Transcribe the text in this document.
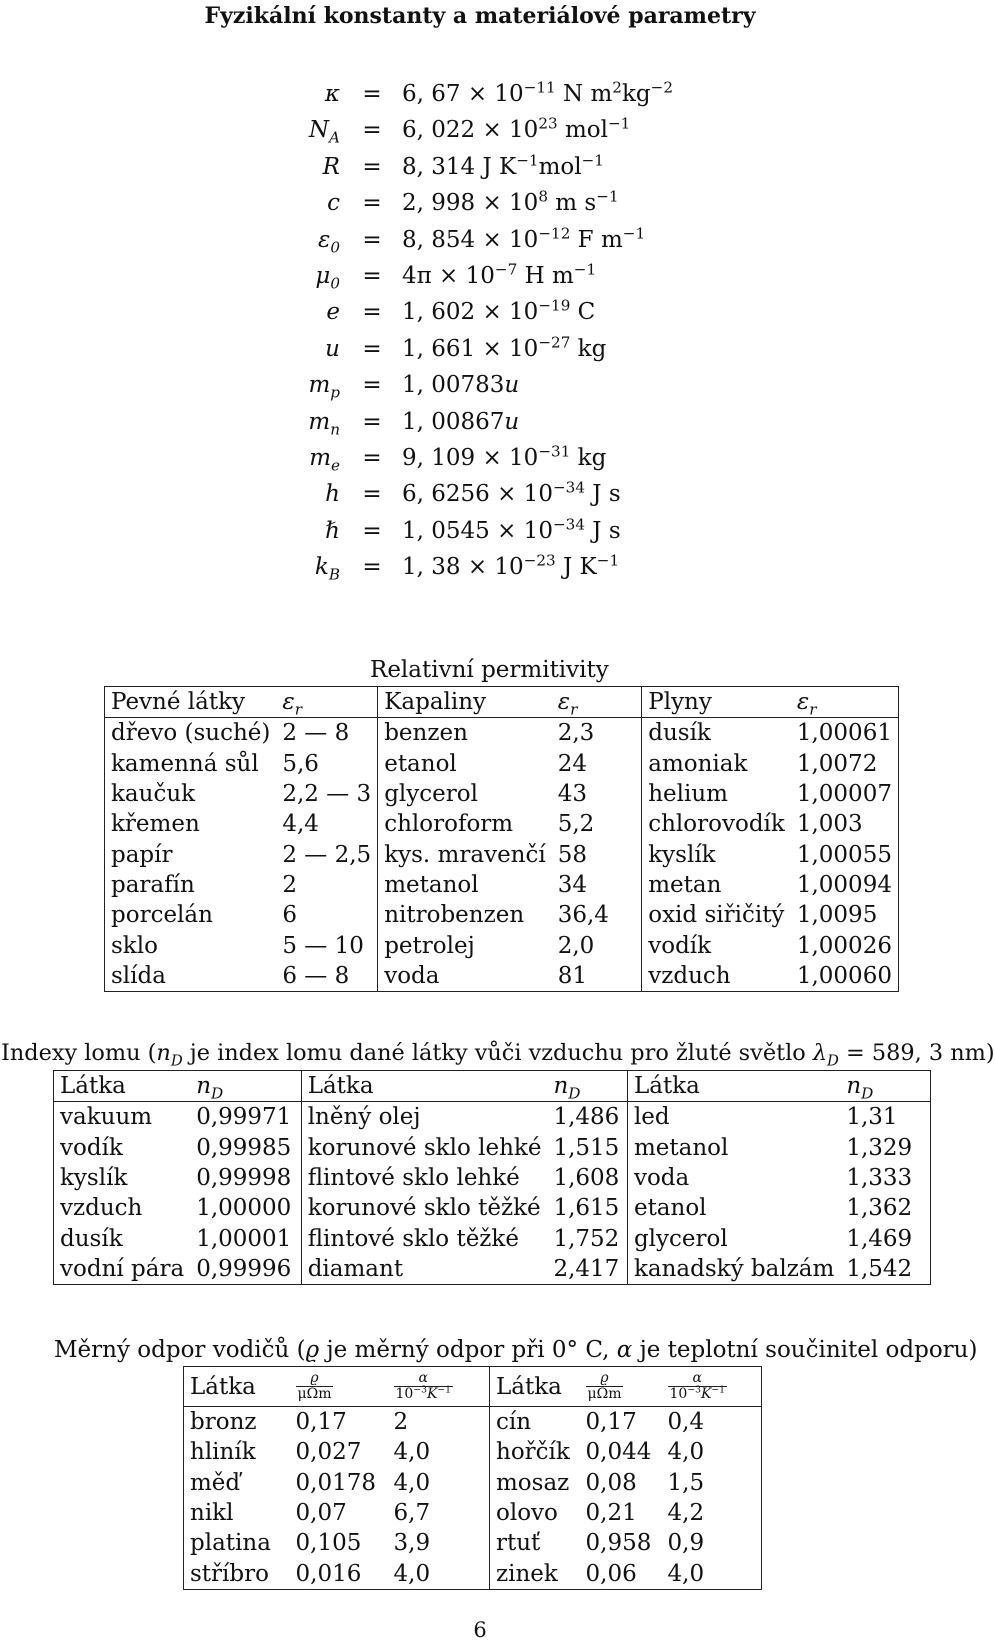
Fyzikální konstanty a materiálové parametry
κ = 6, $67 \times 10^{-11}$ N $m^2kg^{-2}$
$N_A = 6$, $022 \times 10^{23}$ mol$^{-1}$
R = 8, 314 J $K^{-1}mol^{-1}$
c = 2, $998 \times 10^8$ m $s^{-1}$
$\varepsilon_0 = 8$, $854 \times 10^{-12}$ F $m^{-1}$
$\mu_0 = 4\pi \times 10^{-7}$ H $m^{-1}$
e = 1, $602 \times 10^{-19}$ C
u = 1, $661 \times 10^{-27}$ kg
$m_p = 1$, 00783u
$m_n = 1$, 00867u
$m_e = 9$, $109 \times 10^{-31}$ kg
h = 6, $6256 \times 10^{-34}$ J s
ℏ = 1, $0545 \times 10^{-34}$ J s
$k_B = 1$, $38 \times 10^{-23}$ J $K^{-1}$
Relativní permitivity
Pevné látky	$\varepsilon_r$	Kapaliny	$\varepsilon_r$	Plyny	$\varepsilon_r$
dřevo (suché)	2 — 8	benzen	2,3	dusík	1,00061
kamenná sůl	5,6	etanol	24	amoniak	1,0072
kaučuk	2,2 — 3	glycerol	43	helium	1,00007
křemen	4,4	chloroform	5,2	chlorovodík	1,003
papír	2 — 2,5	kys. mravenčí	58	kyslík	1,00055
parafín	2	metanol	34	metan	1,00094
porcelán	6	nitrobenzen	36,4	oxid siřičitý	1,0095
sklo	5 — 10	petrolej	2,0	vodík	1,00026
slída	6 — 8	voda	81	vzduch	1,00060
Indexy lomu ($n_D$ je index lomu dané látky vůči vzduchu pro žluté světlo $\lambda_D = 589$, 3 nm)
Látka	$n_D$	Látka	$n_D$	Látka	$n_D$
vakuum	0,99971	lněný olej	1,486	led	1,31
vodík	0,99985	korunové sklo lehké	1,515	metanol	1,329
kyslík	0,99998	flintové sklo lehké	1,608	voda	1,333
vzduch	1,00000	korunové sklo těžké	1,615	etanol	1,362
dusík	1,00001	flintové sklo těžké	1,752	glycerol	1,469
vodní pára	0,99996	diamant	2,417	kanadský balzám	1,542
Měrný odpor vodičů (ϱ je měrný odpor při 0° C, α je teplotní součinitel odporu)
Látka	$\frac{ϱ}{\text{μΩm}}$	$\frac{\alpha}{10^{-3}K^{-1}}$	Látka	$\frac{ϱ}{\text{μΩm}}$	$\frac{\alpha}{10^{-3}K^{-1}}$

bronz	0,17	2	cín	0,17	0,4
hliník	0,027	4,0	hořčík	0,044	4,0
měď	0,0178	4,0	mosaz	0,08	1,5
nikl	0,07	6,7	olovo	0,21	4,2
platina	0,105	3,9	rtuť	0,958	0,9
stříbro	0,016	4,0	zinek	0,06	4,0
6
